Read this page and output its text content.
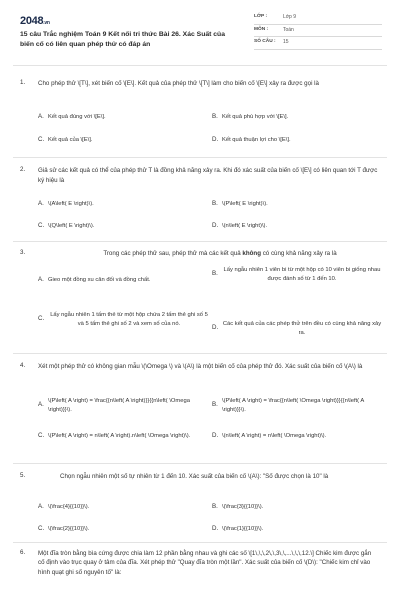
2048.vn
15 câu Trắc nghiệm Toán 9 Kết nối tri thức Bài 26. Xác Suất của biến cố có liên quan phép thử có đáp án
LỚP :	Lớp 9
MÔN :	Toán
SỐ CÂU :	15
1. Cho phép thử \[T\], xét biến cố \[E\]. Kết quả của phép thử \[T\] làm cho biến cố \[E\] xảy ra được gọi là
A. Kết quả đúng với \[E\].	B. Kết quả phù hợp với \[E\].
C. Kết quả của \[E\].	D. Kết quả thuận lợi cho \[E\].
2. Giả sử các kết quả có thể của phép thử T là đồng khả năng xảy ra. Khi đó xác suất của biến cố \[E\] có liên quan tới T được ký hiệu là
A. \(A\left( E \right)\).	B. \(P\left( E \right)\).
C. \(Q\left( E \right)\).	D. \(n\left( E \right)\).
3.	Trong các phép thử sau, phép thử mà các kết quả không có cùng khả năng xảy ra là
A. Gieo một đồng xu cân đối và đồng chất.
B.
Lấy ngẫu nhiên 1 viên bi từ một hộp có 10 viên bi giống nhau được đánh số từ 1 đến 10.
C.
Lấy ngẫu nhiên 1 tấm thẻ từ một hộp chứa 2 tấm thẻ ghi số 5 và 5 tấm thẻ ghi số 2 và xem số của nó.
D.
Các kết quả của các phép thử trên đều có cùng khả năng xảy ra.
4. Xét một phép thử có không gian mẫu \(\Omega \) và \(A\) là một biến cố của phép thử đó. Xác suất của biến cố \(A\) là
A.
\(P\left( A \right) = \frac{{n\left( A \right)}}{{n\left( \Omega \right)}}\).
B.
\(P\left( A \right) = \frac{{n\left( \Omega \right)}}{{n\left( A \right)}}\).
C. \(P\left( A \right) = n\left( A \right).n\left( \Omega \right)\).	D. \(n\left( A \right) = n\left( \Omega \right)\).
5.	Chọn ngẫu nhiên một số tự nhiên từ 1 đến 10. Xác suất của biến cố \(A\): "Số được chọn là 10" là
A. \(\frac{4}{{10}}\).	B. \(\frac{3}{{10}}\).
C. \(\frac{2}{{10}}\).	D. \(\frac{1}{{10}}\).
6. Một đĩa tròn bằng bìa cứng được chia làm 12 phần bằng nhau và ghi các số \[1\,\,\,2\,\,3\,\,...\,\,\,12.\] Chiếc kim được gắn cố định vào trục quay ở tâm của đĩa. Xét phép thử "Quay đĩa tròn một lần". Xác suất của biến cố \(D\): "Chiếc kim chỉ vào hình quạt ghi số nguyên tố" là:
